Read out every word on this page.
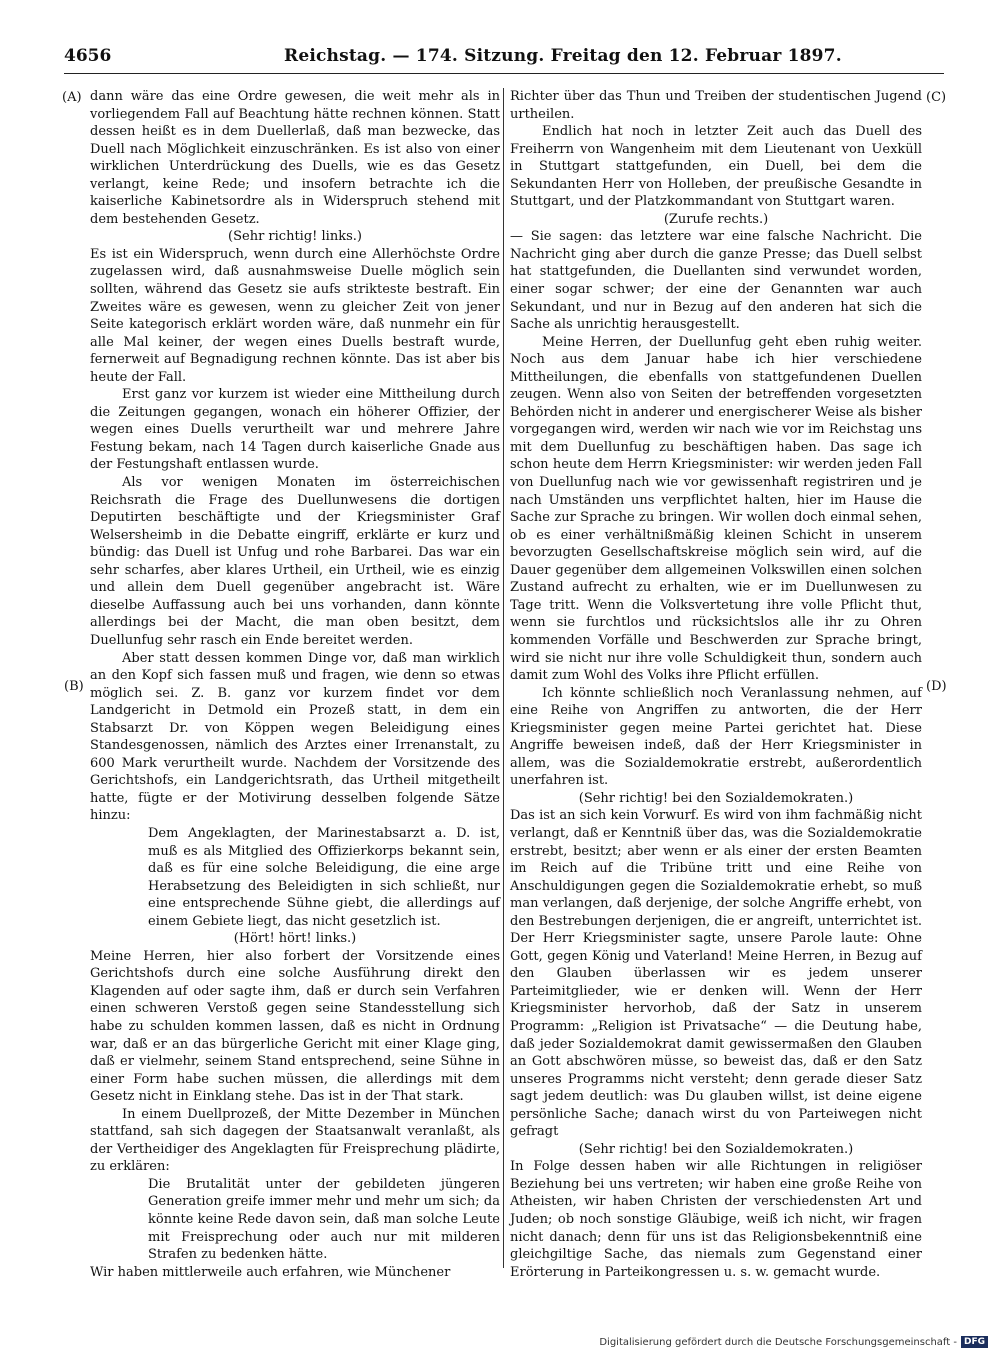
4656	Reichstag. — 174. Sitzung. Freitag den 12. Februar 1897.
(A)
(B)
(C)
(D)

dann wäre das eine Ordre gewesen, die weit mehr als in vorliegendem Fall auf Beachtung hätte rechnen können. Statt dessen heißt es in dem Duellerlaß, daß man bezwecke, das Duell nach Möglichkeit einzuschränken. Es ist also von einer wirklichen Unterdrückung des Duells, wie es das Gesetz verlangt, keine Rede; und insofern betrachte ich die kaiserliche Kabinetsordre als in Widerspruch stehend mit dem bestehenden Gesetz.

(Sehr richtig! links.)

Es ist ein Widerspruch, wenn durch eine Allerhöchste Ordre zugelassen wird, daß ausnahmsweise Duelle möglich sein sollten, während das Gesetz sie aufs strikteste bestraft. Ein Zweites wäre es gewesen, wenn zu gleicher Zeit von jener Seite kategorisch erklärt worden wäre, daß nunmehr ein für alle Mal keiner, der wegen eines Duells bestraft wurde, fernerweit auf Begnadigung rechnen könnte. Das ist aber bis heute der Fall.

Erst ganz vor kurzem ist wieder eine Mittheilung durch die Zeitungen gegangen, wonach ein höherer Offizier, der wegen eines Duells verurtheilt war und mehrere Jahre Festung bekam, nach 14 Tagen durch kaiserliche Gnade aus der Festungshaft entlassen wurde.

Als vor wenigen Monaten im österreichischen Reichsrath die Frage des Duellunwesens die dortigen Deputirten beschäftigte und der Kriegsminister Graf Welsersheimb in die Debatte eingriff, erklärte er kurz und bündig: das Duell ist Unfug und rohe Barbarei. Das war ein sehr scharfes, aber klares Urtheil, ein Urtheil, wie es einzig und allein dem Duell gegenüber angebracht ist. Wäre dieselbe Auffassung auch bei uns vorhanden, dann könnte allerdings bei der Macht, die man oben besitzt, dem Duellunfug sehr rasch ein Ende bereitet werden.

Aber statt dessen kommen Dinge vor, daß man wirklich an den Kopf sich fassen muß und fragen, wie denn so etwas möglich sei. Z. B. ganz vor kurzem findet vor dem Landgericht in Detmold ein Prozeß statt, in dem ein Stabsarzt Dr. von Köppen wegen Beleidigung eines Standesgenossen, nämlich des Arztes einer Irrenanstalt, zu 600 Mark verurtheilt wurde. Nachdem der Vorsitzende des Gerichtshofs, ein Landgerichtsrath, das Urtheil mitgetheilt hatte, fügte er der Motivirung desselben folgende Sätze hinzu:

Dem Angeklagten, der Marinestabsarzt a. D. ist, muß es als Mitglied des Offizierkorps bekannt sein, daß es für eine solche Beleidigung, die eine arge Herabsetzung des Beleidigten in sich schließt, nur eine entsprechende Sühne giebt, die allerdings auf einem Gebiete liegt, das nicht gesetzlich ist.

(Hört! hört! links.)

Meine Herren, hier also forbert der Vorsitzende eines Gerichtshofs durch eine solche Ausführung direkt den Klagenden auf oder sagte ihm, daß er durch sein Verfahren einen schweren Verstoß gegen seine Standesstellung sich habe zu schulden kommen lassen, daß es nicht in Ordnung war, daß er an das bürgerliche Gericht mit einer Klage ging, daß er vielmehr, seinem Stand entsprechend, seine Sühne in einer Form habe suchen müssen, die allerdings mit dem Gesetz nicht in Einklang stehe. Das ist in der That stark.

In einem Duellprozeß, der Mitte Dezember in München stattfand, sah sich dagegen der Staatsanwalt veranlaßt, als der Vertheidiger des Angeklagten für Freisprechung plädirte, zu erklären:

Die Brutalität unter der gebildeten jüngeren Generation greife immer mehr und mehr um sich; da könnte keine Rede davon sein, daß man solche Leute mit Freisprechung oder auch nur mit milderen Strafen zu bedenken hätte.

Wir haben mittlerweile auch erfahren, wie Münchener

Richter über das Thun und Treiben der studentischen Jugend urtheilen.

Endlich hat noch in letzter Zeit auch das Duell des Freiherrn von Wangenheim mit dem Lieutenant von Uexküll in Stuttgart stattgefunden, ein Duell, bei dem die Sekundanten Herr von Holleben, der preußische Gesandte in Stuttgart, und der Platzkommandant von Stuttgart waren.

(Zurufe rechts.)

— Sie sagen: das letztere war eine falsche Nachricht. Die Nachricht ging aber durch die ganze Presse; das Duell selbst hat stattgefunden, die Duellanten sind verwundet worden, einer sogar schwer; der eine der Genannten war auch Sekundant, und nur in Bezug auf den anderen hat sich die Sache als unrichtig herausgestellt.

Meine Herren, der Duellunfug geht eben ruhig weiter. Noch aus dem Januar habe ich hier verschiedene Mittheilungen, die ebenfalls von stattgefundenen Duellen zeugen. Wenn also von Seiten der betreffenden vorgesetzten Behörden nicht in anderer und energischerer Weise als bisher vorgegangen wird, werden wir nach wie vor im Reichstag uns mit dem Duellunfug zu beschäftigen haben. Das sage ich schon heute dem Herrn Kriegsminister: wir werden jeden Fall von Duellunfug nach wie vor gewissenhaft registriren und je nach Umständen uns verpflichtet halten, hier im Hause die Sache zur Sprache zu bringen. Wir wollen doch einmal sehen, ob es einer verhältnißmäßig kleinen Schicht in unserem bevorzugten Gesellschaftskreise möglich sein wird, auf die Dauer gegenüber dem allgemeinen Volkswillen einen solchen Zustand aufrecht zu erhalten, wie er im Duellunwesen zu Tage tritt. Wenn die Volksvertetung ihre volle Pflicht thut, wenn sie furchtlos und rücksichtslos alle ihr zu Ohren kommenden Vorfälle und Beschwerden zur Sprache bringt, wird sie nicht nur ihre volle Schuldigkeit thun, sondern auch damit zum Wohl des Volks ihre Pflicht erfüllen.

Ich könnte schließlich noch Veranlassung nehmen, auf eine Reihe von Angriffen zu antworten, die der Herr Kriegsminister gegen meine Partei gerichtet hat. Diese Angriffe beweisen indeß, daß der Herr Kriegsminister in allem, was die Sozialdemokratie erstrebt, außerordentlich unerfahren ist.

(Sehr richtig! bei den Sozialdemokraten.)

Das ist an sich kein Vorwurf. Es wird von ihm fachmäßig nicht verlangt, daß er Kenntniß über das, was die Sozialdemokratie erstrebt, besitzt; aber wenn er als einer der ersten Beamten im Reich auf die Tribüne tritt und eine Reihe von Anschuldigungen gegen die Sozialdemokratie erhebt, so muß man verlangen, daß derjenige, der solche Angriffe erhebt, von den Bestrebungen derjenigen, die er angreift, unterrichtet ist. Der Herr Kriegsminister sagte, unsere Parole laute: Ohne Gott, gegen König und Vaterland! Meine Herren, in Bezug auf den Glauben überlassen wir es jedem unserer Parteimitglieder, wie er denken will. Wenn der Herr Kriegsminister hervorhob, daß der Satz in unserem Programm: „Religion ist Privatsache“ — die Deutung habe, daß jeder Sozialdemokrat damit gewissermaßen den Glauben an Gott abschwören müsse, so beweist das, daß er den Satz unseres Programms nicht versteht; denn gerade dieser Satz sagt jedem deutlich: was Du glauben willst, ist deine eigene persönliche Sache; danach wirst du von Parteiwegen nicht gefragt

(Sehr richtig! bei den Sozialdemokraten.)

In Folge dessen haben wir alle Richtungen in religiöser Beziehung bei uns vertreten; wir haben eine große Reihe von Atheisten, wir haben Christen der verschiedensten Art und Juden; ob noch sonstige Gläubige, weiß ich nicht, wir fragen nicht danach; denn für uns ist das Religionsbekenntniß eine gleichgiltige Sache, das niemals zum Gegenstand einer Erörterung in Parteikongressen u. s. w. gemacht wurde.

Digitalisierung gefördert durch die Deutsche Forschungsgemeinschaft - DFG
